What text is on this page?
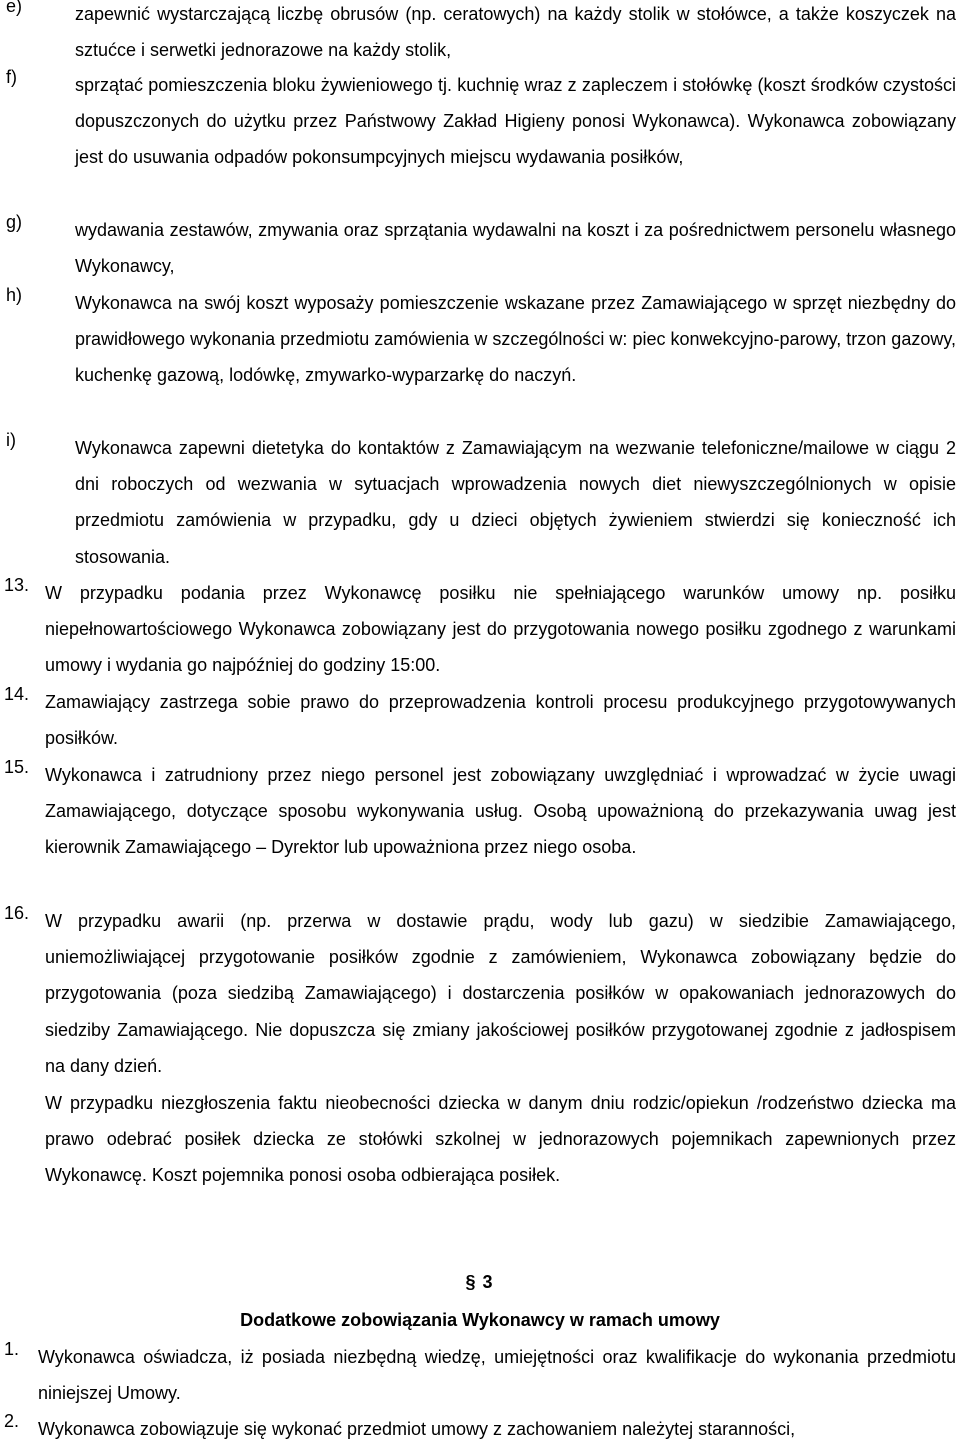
e)	zapewnić wystarczającą liczbę obrusów (np. ceratowych) na każdy stolik w stołówce, a także koszyczek na sztućce i serwetki jednorazowe na każdy stolik,
f)	sprzątać pomieszczenia bloku żywieniowego tj. kuchnię wraz z zapleczem i stołówkę (koszt środków czystości dopuszczonych do użytku przez Państwowy Zakład Higieny ponosi Wykonawca). Wykonawca zobowiązany jest do usuwania odpadów pokonsumpcyjnych miejscu wydawania posiłków,
g)	wydawania zestawów, zmywania oraz sprzątania wydawalni na koszt i za pośrednictwem personelu własnego Wykonawcy,
h)	Wykonawca na swój koszt wyposaży pomieszczenie wskazane przez Zamawiającego w sprzęt niezbędny do prawidłowego wykonania przedmiotu zamówienia w szczególności w: piec konwekcyjno-parowy, trzon gazowy, kuchenkę gazową, lodówkę, zmywarko-wyparzarkę do naczyń.
i)	Wykonawca zapewni dietetyka do kontaktów z Zamawiającym na wezwanie telefoniczne/mailowe w ciągu 2 dni roboczych od wezwania w sytuacjach wprowadzenia nowych diet niewyszczególnionych w opisie przedmiotu zamówienia w przypadku, gdy u dzieci objętych żywieniem stwierdzi się konieczność ich stosowania.
13. W przypadku podania przez Wykonawcę posiłku nie spełniającego warunków umowy np. posiłku niepełnowartościowego Wykonawca zobowiązany jest do przygotowania nowego posiłku zgodnego z warunkami umowy i wydania go najpóźniej do godziny 15:00.
14. Zamawiający zastrzega sobie prawo do przeprowadzenia kontroli procesu produkcyjnego przygotowywanych posiłków.
15. Wykonawca i zatrudniony przez niego personel jest zobowiązany uwzględniać i wprowadzać w życie uwagi Zamawiającego, dotyczące sposobu wykonywania usług. Osobą upoważnioną do przekazywania uwag jest kierownik Zamawiającego – Dyrektor lub upoważniona przez niego osoba.
16. W przypadku awarii (np. przerwa w dostawie prądu, wody lub gazu) w siedzibie Zamawiającego, uniemożliwiającej przygotowanie posiłków zgodnie z zamówieniem, Wykonawca zobowiązany będzie do przygotowania (poza siedzibą Zamawiającego) i dostarczenia posiłków w opakowaniach jednorazowych do siedziby Zamawiającego. Nie dopuszcza się zmiany jakościowej posiłków przygotowanej zgodnie z jadłospisem na dany dzień.
W przypadku niezgłoszenia faktu nieobecności dziecka w danym dniu rodzic/opiekun /rodzeństwo dziecka ma prawo odebrać posiłek dziecka ze stołówki szkolnej w jednorazowych pojemnikach zapewnionych przez Wykonawcę. Koszt pojemnika ponosi osoba odbierająca posiłek.
§ 3
Dodatkowe zobowiązania Wykonawcy w ramach umowy
1. Wykonawca oświadcza, iż posiada niezbędną wiedzę, umiejętności oraz kwalifikacje do wykonania przedmiotu niniejszej Umowy.
2. Wykonawca zobowiązuje się wykonać przedmiot umowy z zachowaniem należytej staranności,
